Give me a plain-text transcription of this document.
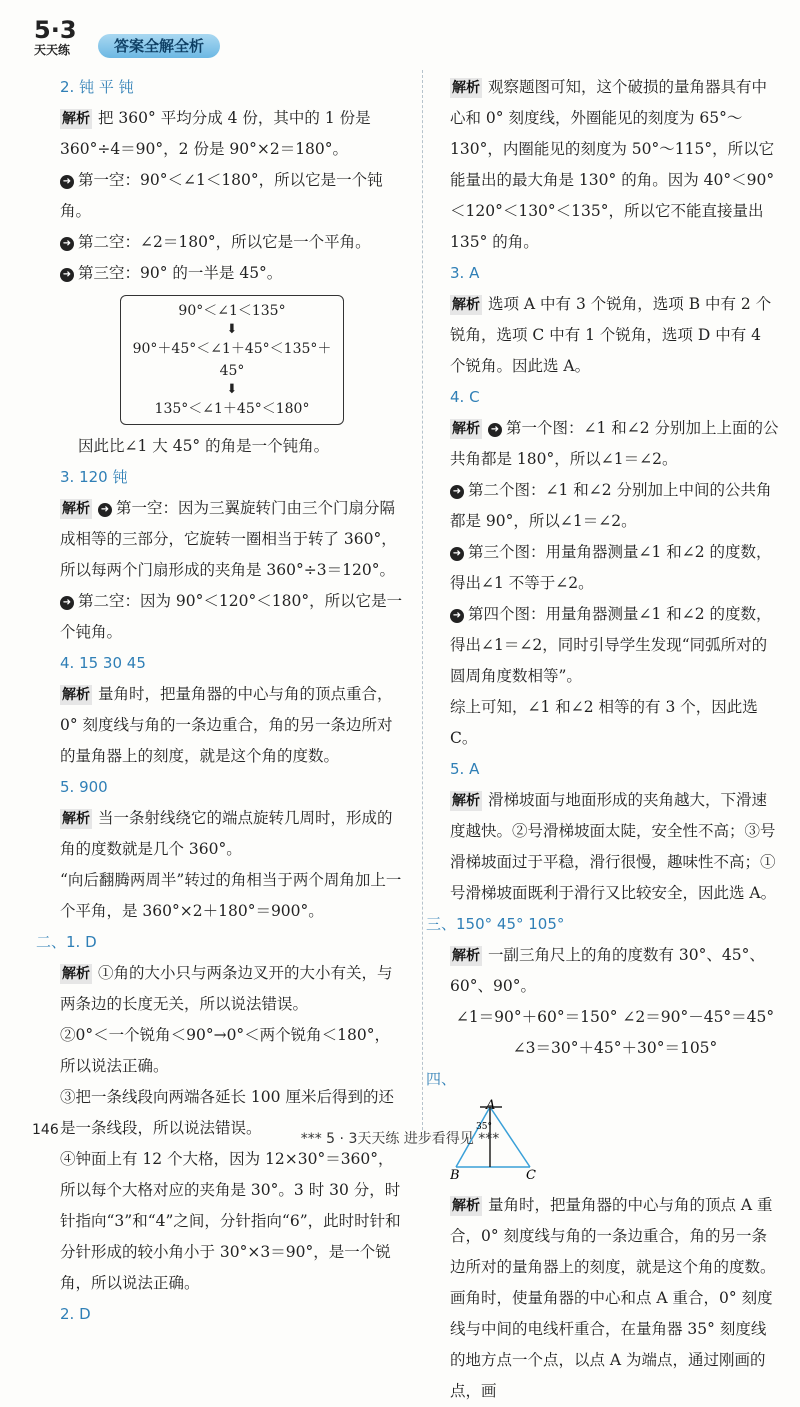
5·3
天天练	答案全解全析

2. 钝 平 钝

解析 把 360° 平均分成 4 份，其中的 1 份是 360°÷4＝90°，2 份是 90°×2＝180°。

➜ 第一空：90°＜∠1＜180°，所以它是一个钝角。

➜ 第二空：∠2＝180°，所以它是一个平角。

➜ 第三空：90° 的一半是 45°。

90°＜∠1＜135°
⬇
90°＋45°＜∠1＋45°＜135°＋45°
⬇
135°＜∠1＋45°＜180°

因此比∠1 大 45° 的角是一个钝角。

3. 120 钝

解析 ➜ 第一空：因为三翼旋转门由三个门扇分隔成相等的三部分，它旋转一圈相当于转了 360°，所以每两个门扇形成的夹角是 360°÷3＝120°。

➜ 第二空：因为 90°＜120°＜180°，所以它是一个钝角。

4. 15 30 45

解析 量角时，把量角器的中心与角的顶点重合，0° 刻度线与角的一条边重合，角的另一条边所对的量角器上的刻度，就是这个角的度数。

5. 900

解析 当一条射线绕它的端点旋转几周时，形成的角的度数就是几个 360°。

“向后翻腾两周半”转过的角相当于两个周角加上一个平角，是 360°×2＋180°＝900°。

二、1. D

解析 ①角的大小只与两条边叉开的大小有关，与两条边的长度无关，所以说法错误。

②0°＜一个锐角＜90°→0°＜两个锐角＜180°，所以说法正确。

③把一条线段向两端各延长 100 厘米后得到的还是一条线段，所以说法错误。

④钟面上有 12 个大格，因为 12×30°＝360°，所以每个大格对应的夹角是 30°。3 时 30 分，时针指向“3”和“4”之间，分针指向“6”，此时时针和分针形成的较小角小于 30°×3＝90°，是一个锐角，所以说法正确。

2. D

解析 观察题图可知，这个破损的量角器具有中心和 0° 刻度线，外圈能见的刻度为 65°～130°，内圈能见的刻度为 50°～115°，所以它能量出的最大角是 130° 的角。因为 40°＜90°＜120°＜130°＜135°，所以它不能直接量出 135° 的角。

3. A

解析 选项 A 中有 3 个锐角，选项 B 中有 2 个锐角，选项 C 中有 1 个锐角，选项 D 中有 4 个锐角。因此选 A。

4. C

解析 ➜ 第一个图：∠1 和∠2 分别加上上面的公共角都是 180°，所以∠1＝∠2。

➜ 第二个图：∠1 和∠2 分别加上中间的公共角都是 90°，所以∠1＝∠2。

➜ 第三个图：用量角器测量∠1 和∠2 的度数，得出∠1 不等于∠2。

➜ 第四个图：用量角器测量∠1 和∠2 的度数，得出∠1＝∠2，同时引导学生发现“同弧所对的圆周角度数相等”。

综上可知，∠1 和∠2 相等的有 3 个，因此选 C。

5. A

解析 滑梯坡面与地面形成的夹角越大，下滑速度越快。②号滑梯坡面太陡，安全性不高；③号滑梯坡面过于平稳，滑行很慢，趣味性不高；①号滑梯坡面既利于滑行又比较安全，因此选 A。

三、150° 45° 105°

解析 一副三角尺上的角的度数有 30°、45°、60°、90°。

∠1＝90°＋60°＝150° ∠2＝90°－45°＝45°

∠3＝30°＋45°＋30°＝105°

四、

A
B	C
35°

解析 量角时，把量角器的中心与角的顶点 A 重合，0° 刻度线与角的一条边重合，角的另一条边所对的量角器上的刻度，就是这个角的度数。

画角时，使量角器的中心和点 A 重合，0° 刻度线与中间的电线杆重合，在量角器 35° 刻度线的地方点一个点，以点 A 为端点，通过刚画的点，画

146
*** 5 · 3天天练 进步看得见 ***
